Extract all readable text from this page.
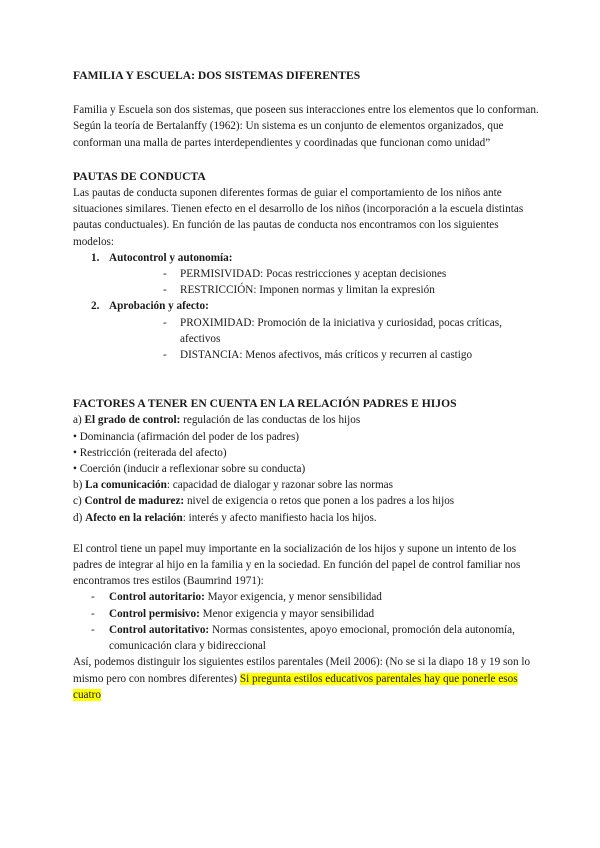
FAMILIA Y ESCUELA: DOS SISTEMAS DIFERENTES

Familia y Escuela son dos sistemas, que poseen sus interacciones entre los elementos que lo conforman. Según la teoría de Bertalanffy (1962): Un sistema es un conjunto de elementos organizados, que conforman una malla de partes interdependientes y coordinadas que funcionan como unidad”

PAUTAS DE CONDUCTA

Las pautas de conducta suponen diferentes formas de guiar el comportamiento de los niños ante situaciones similares. Tienen efecto en el desarrollo de los niños (incorporación a la escuela distintas pautas conductuales). En función de las pautas de conducta nos encontramos con los siguientes modelos:

1. Autocontrol y autonomía:
- PERMISIVIDAD: Pocas restricciones y aceptan decisiones
- RESTRICCIÓN: Imponen normas y limitan la expresión
2. Aprobación y afecto:
- PROXIMIDAD: Promoción de la iniciativa y curiosidad, pocas críticas, afectivos
- DISTANCIA: Menos afectivos, más críticos y recurren al castigo

FACTORES A TENER EN CUENTA EN LA RELACIÓN PADRES E HIJOS

a) El grado de control: regulación de las conductas de los hijos

• Dominancia (afirmación del poder de los padres)

• Restricción (reiterada del afecto)

• Coerción (inducir a reflexionar sobre su conducta)

b) La comunicación: capacidad de dialogar y razonar sobre las normas

c) Control de madurez: nivel de exigencia o retos que ponen a los padres a los hijos

d) Afecto en la relación: interés y afecto manifiesto hacia los hijos.

El control tiene un papel muy importante en la socialización de los hijos y supone un intento de los padres de integrar al hijo en la familia y en la sociedad. En función del papel de control familiar nos encontramos tres estilos (Baumrind 1971):

- Control autoritario: Mayor exigencia, y menor sensibilidad
- Control permisivo: Menor exigencia y mayor sensibilidad
- Control autoritativo: Normas consistentes, apoyo emocional, promoción dela autonomía, comunicación clara y bidireccional

Así, podemos distinguir los siguientes estilos parentales (Meil 2006): (No se si la diapo 18 y 19 son lo mismo pero con nombres diferentes) Si pregunta estilos educativos parentales hay que ponerle esos cuatro
